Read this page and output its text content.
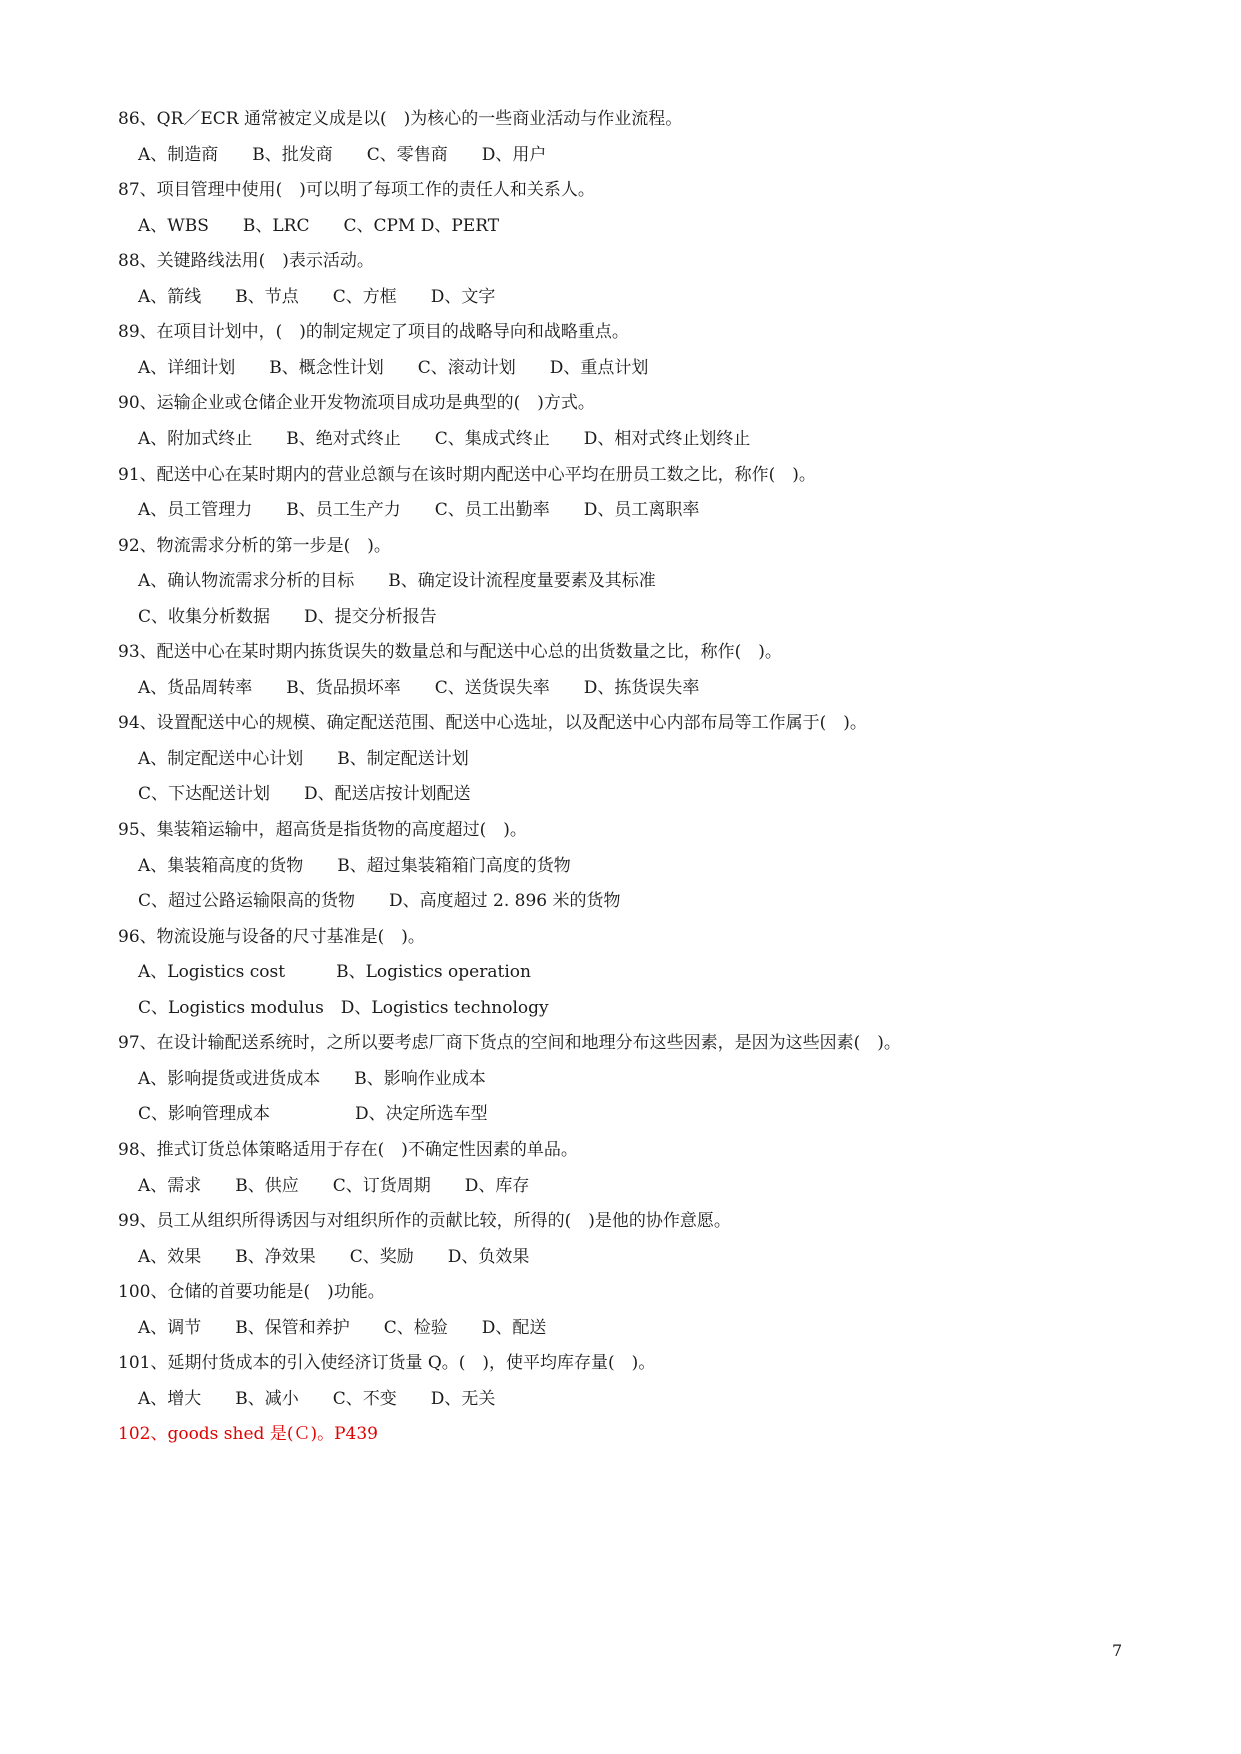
86、QR／ECR 通常被定义成是以(　)为核心的一些商业活动与作业流程。
A、制造商　　B、批发商　　C、零售商　　D、用户
87、项目管理中使用(　)可以明了每项工作的责任人和关系人。
A、WBS　　B、LRC　　C、CPM D、PERT
88、关键路线法用(　)表示活动。
A、箭线　　B、节点　　C、方框　　D、文字
89、在项目计划中，(　)的制定规定了项目的战略导向和战略重点。
A、详细计划　　B、概念性计划　　C、滚动计划　　D、重点计划
90、运输企业或仓储企业开发物流项目成功是典型的(　)方式。
A、附加式终止　　B、绝对式终止　　C、集成式终止　　D、相对式终止划终止
91、配送中心在某时期内的营业总额与在该时期内配送中心平均在册员工数之比，称作(　)。
A、员工管理力　　B、员工生产力　　C、员工出勤率　　D、员工离职率
92、物流需求分析的第一步是(　)。
A、确认物流需求分析的目标　　B、确定设计流程度量要素及其标准
C、收集分析数据　　D、提交分析报告
93、配送中心在某时期内拣货误失的数量总和与配送中心总的出货数量之比，称作(　)。
A、货品周转率　　B、货品损坏率　　C、送货误失率　　D、拣货误失率
94、设置配送中心的规模、确定配送范围、配送中心选址，以及配送中心内部布局等工作属于(　)。
A、制定配送中心计划　　B、制定配送计划
C、下达配送计划　　D、配送店按计划配送
95、集装箱运输中，超高货是指货物的高度超过(　)。
A、集装箱高度的货物　　B、超过集装箱箱门高度的货物
C、超过公路运输限高的货物　　D、高度超过 2. 896 米的货物
96、物流设施与设备的尺寸基准是(　)。
A、Logistics cost　　　B、Logistics operation
C、Logistics modulus　D、Logistics technology
97、在设计输配送系统时，之所以要考虑厂商下货点的空间和地理分布这些因素，是因为这些因素(　)。
A、影响提货或进货成本　　B、影响作业成本
C、影响管理成本　　　　　D、决定所选车型
98、推式订货总体策略适用于存在(　)不确定性因素的单品。
A、需求　　B、供应　　C、订货周期　　D、库存
99、员工从组织所得诱因与对组织所作的贡献比较，所得的(　)是他的协作意愿。
A、效果　　B、净效果　　C、奖励　　D、负效果
100、仓储的首要功能是(　)功能。
A、调节　　B、保管和养护　　C、检验　　D、配送
101、延期付货成本的引入使经济订货量 Q。(　)，使平均库存量(　)。
A、增大　　B、减小　　C、不变　　D、无关
102、goods shed 是(Ｃ)。P439
7
